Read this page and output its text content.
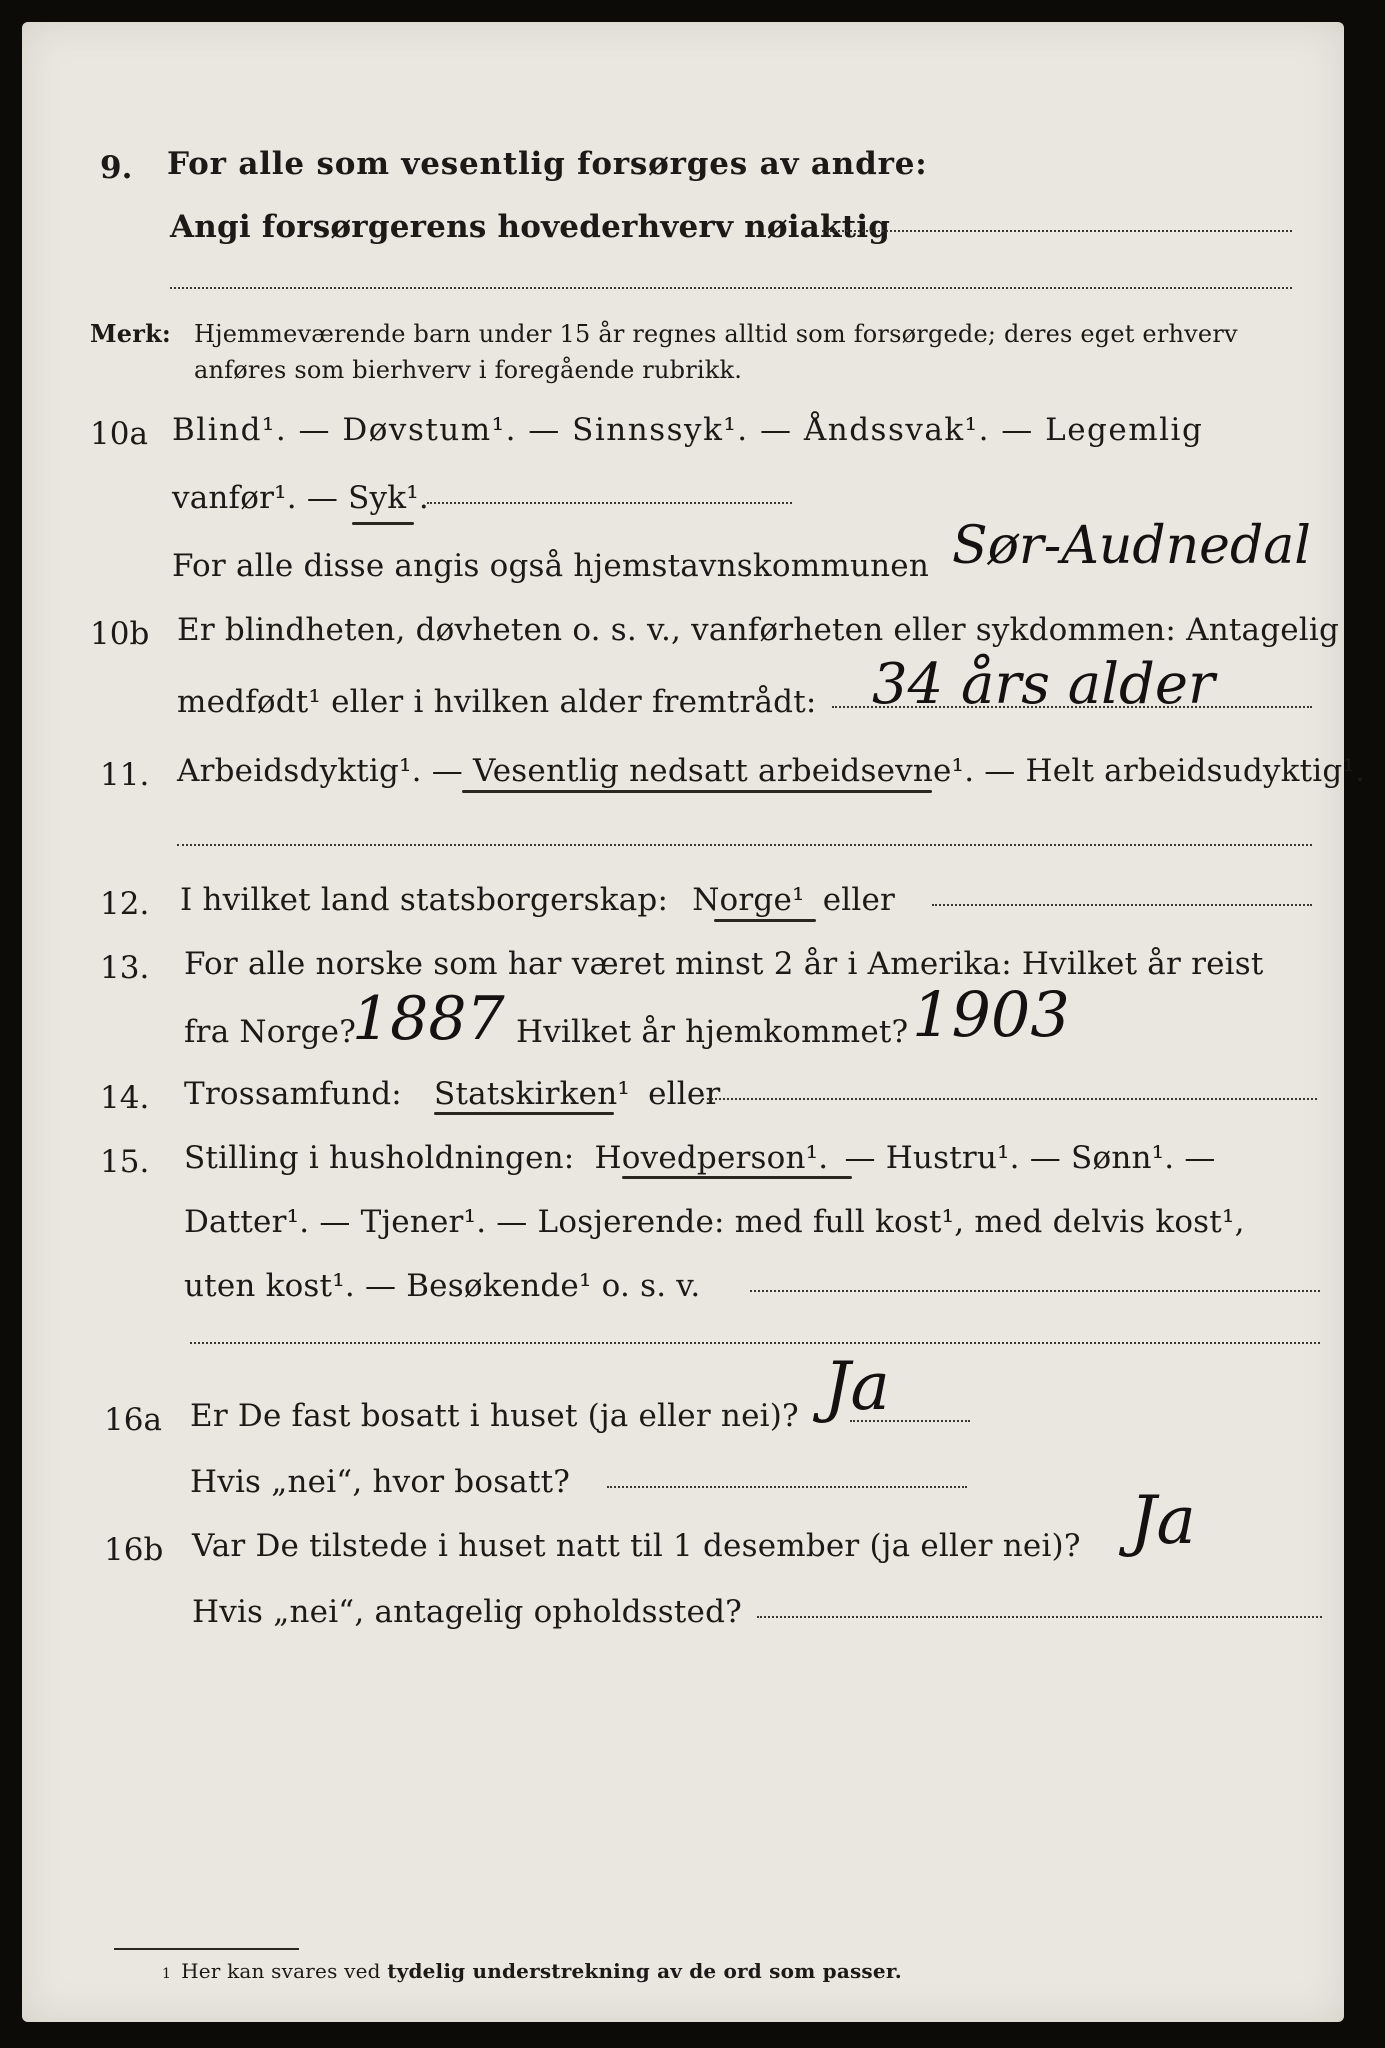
9. For alle som vesentlig forsørges av andre:
Angi forsørgerens hovederhverv nøiaktig
Merk: Hjemmeværende barn under 15 år regnes alltid som forsørgede; deres eget erhverv
anføres som bierhverv i foregående rubrikk.
10a Blind¹. — Døvstum¹. — Sinnssyk¹. — Åndssvak¹. — Legemlig
vanfør¹. — Syk¹.
For alle disse angis også hjemstavnskommunen Sør-Audnedal
10b Er blindheten, døvheten o. s. v., vanførheten eller sykdommen: Antagelig
medfødt¹ eller i hvilken alder fremtrådt: 34 års alder
11. Arbeidsdyktig¹. — Vesentlig nedsatt arbeidsevne¹. — Helt arbeidsudyktig¹.
12. I hvilket land statsborgerskap: Norge¹ eller
13. For alle norske som har været minst 2 år i Amerika: Hvilket år reist
fra Norge?
1887 Hvilket år hjemkommet? 1903
14. Trossamfund: Statskirken¹ eller
15. Stilling i husholdningen: Hovedperson¹. — Hustru¹. — Sønn¹. —
Datter¹. — Tjener¹. — Losjerende: med full kost¹, med delvis kost¹,
uten kost¹. — Besøkende¹ o. s. v.
16a Er De fast bosatt i huset (ja eller nei)? Ja
Hvis „nei“, hvor bosatt?
16b Var De tilstede i huset natt til 1 desember (ja eller nei)? Ja
Hvis „nei“, antagelig opholdssted?
1 Her kan svares ved tydelig understrekning av de ord som passer.
